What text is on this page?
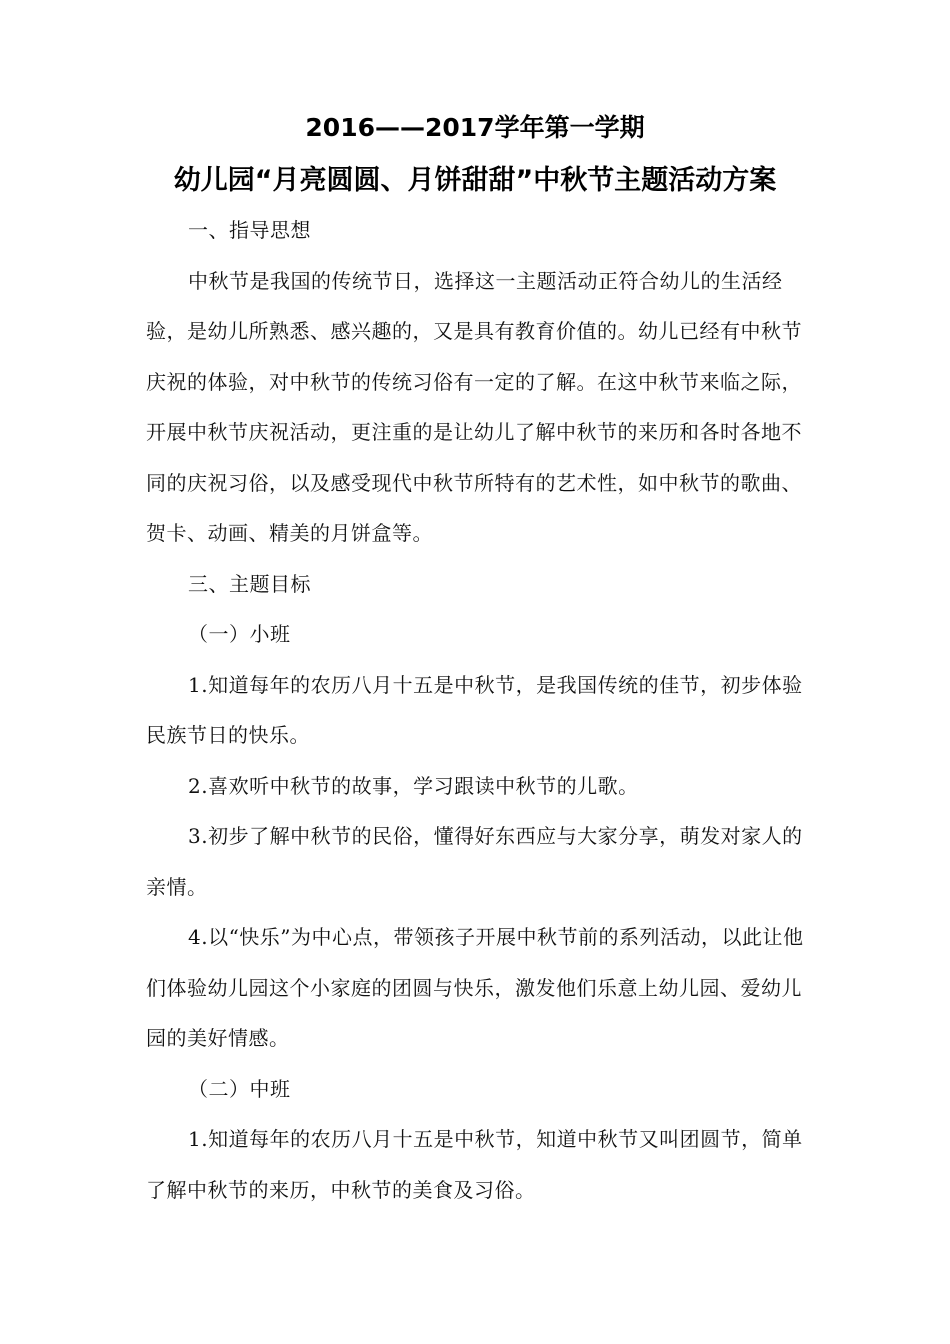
2016——2017学年第一学期
幼儿园“月亮圆圆、月饼甜甜”中秋节主题活动方案

一、指导思想

中秋节是我国的传统节日，选择这一主题活动正符合幼儿的生活经验，是幼儿所熟悉、感兴趣的，又是具有教育价值的。幼儿已经有中秋节庆祝的体验，对中秋节的传统习俗有一定的了解。在这中秋节来临之际，开展中秋节庆祝活动，更注重的是让幼儿了解中秋节的来历和各时各地不同的庆祝习俗，以及感受现代中秋节所特有的艺术性，如中秋节的歌曲、贺卡、动画、精美的月饼盒等。

三、主题目标

（一）小班

1.知道每年的农历八月十五是中秋节，是我国传统的佳节，初步体验民族节日的快乐。

2.喜欢听中秋节的故事，学习跟读中秋节的儿歌。

3.初步了解中秋节的民俗，懂得好东西应与大家分享，萌发对家人的亲情。

4.以“快乐”为中心点，带领孩子开展中秋节前的系列活动，以此让他们体验幼儿园这个小家庭的团圆与快乐，激发他们乐意上幼儿园、爱幼儿园的美好情感。

（二）中班

1.知道每年的农历八月十五是中秋节，知道中秋节又叫团圆节，简单了解中秋节的来历，中秋节的美食及习俗。
